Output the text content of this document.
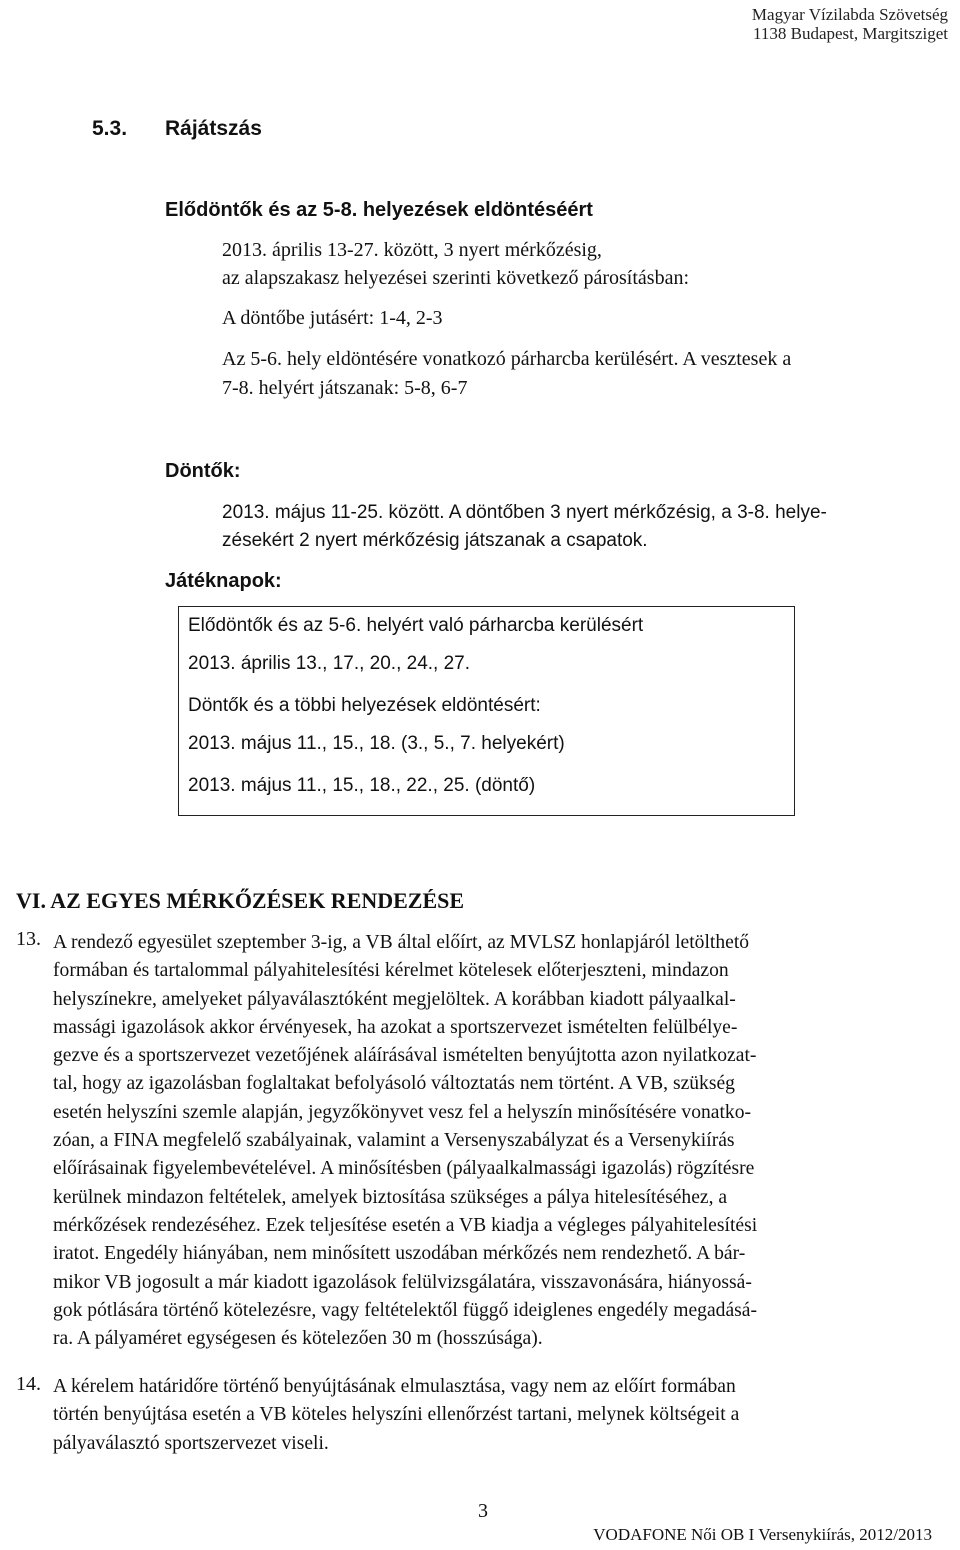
Magyar Vízilabda Szövetség
1138 Budapest, Margitsziget
5.3. Rájátszás
Elődöntők és az 5-8. helyezések eldöntéséért
2013. április 13-27. között, 3 nyert mérkőzésig,
az alapszakasz helyezései szerinti következő párosításban:
A döntőbe jutásért: 1-4, 2-3
Az 5-6. hely eldöntésére vonatkozó párharcba kerülésért. A vesztesek a
7-8. helyért játszanak: 5-8, 6-7
Döntők:
2013. május 11-25. között. A döntőben 3 nyert mérkőzésig, a 3-8. helye-
zésekért 2 nyert mérkőzésig játszanak a csapatok.
Játéknapok:
Elődöntők és az 5-6. helyért való párharcba kerülésért
2013. április 13., 17., 20., 24., 27.
Döntők és a többi helyezések eldöntésért:
2013. május 11., 15., 18. (3., 5., 7. helyekért)
2013. május 11., 15., 18., 22., 25. (döntő)
VI. AZ EGYES MÉRKŐZÉSEK RENDEZÉSE
13. A rendező egyesület szeptember 3-ig, a VB által előírt, az MVLSZ honlapjáról letölthető
formában és tartalommal pályahitelesítési kérelmet kötelesek előterjeszteni, mindazon
helyszínekre, amelyeket pályaválasztóként megjelöltek. A korábban kiadott pályaalkal-
massági igazolások akkor érvényesek, ha azokat a sportszervezet ismételten felülbélye-
gezve és a sportszervezet vezetőjének aláírásával ismételten benyújtotta azon nyilatkozat-
tal, hogy az igazolásban foglaltakat befolyásoló változtatás nem történt. A VB, szükség
esetén helyszíni szemle alapján, jegyzőkönyvet vesz fel a helyszín minősítésére vonatko-
zóan, a FINA megfelelő szabályainak, valamint a Versenyszabályzat és a Versenykiírás
előírásainak figyelembevételével. A minősítésben (pályaalkalmassági igazolás) rögzítésre
kerülnek mindazon feltételek, amelyek biztosítása szükséges a pálya hitelesítéséhez, a
mérkőzések rendezéséhez. Ezek teljesítése esetén a VB kiadja a végleges pályahitelesítési
iratot. Engedély hiányában, nem minősített uszodában mérkőzés nem rendezhető. A bár-
mikor VB jogosult a már kiadott igazolások felülvizsgálatára, visszavonására, hiányossá-
gok pótlására történő kötelezésre, vagy feltételektől függő ideiglenes engedély megadásá-
ra. A pályaméret egységesen és kötelezően 30 m (hosszúsága).
14. A kérelem határidőre történő benyújtásának elmulasztása, vagy nem az előírt formában
történ benyújtása esetén a VB köteles helyszíni ellenőrzést tartani, melynek költségeit a
pályaválasztó sportszervezet viseli.
3
VODAFONE Női OB I Versenykiírás, 2012/2013
